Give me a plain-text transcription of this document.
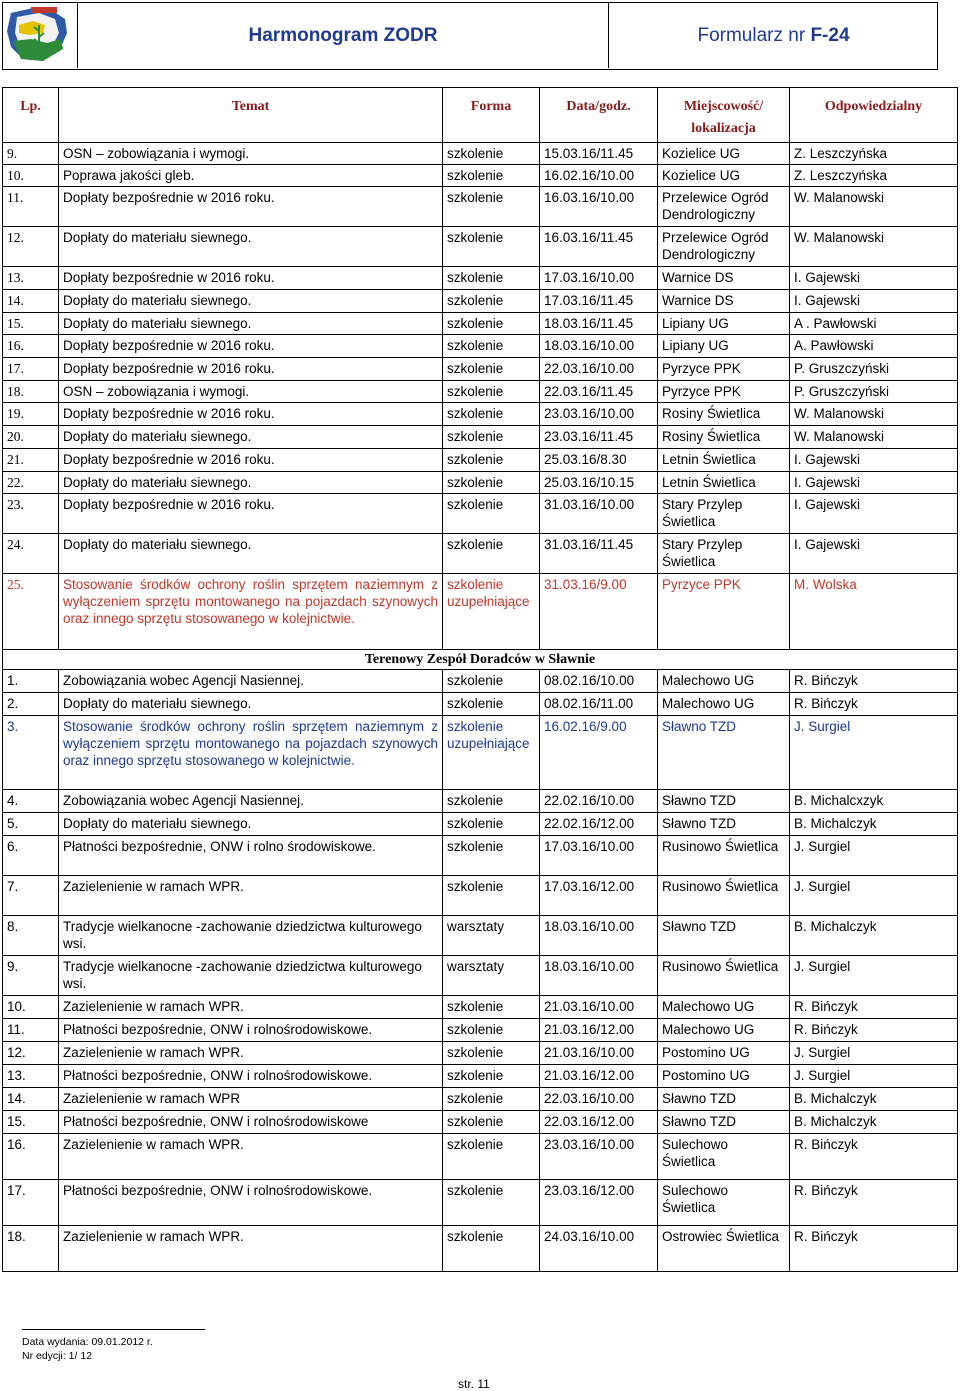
Harmonogram ZODR	Formularz nr F-24
Lp.	Temat	Forma	Data/godz.	Miejscowość/ lokalizacja	Odpowiedzialny
9.	OSN – zobowiązania i wymogi.	szkolenie	15.03.16/11.45	Kozielice UG	Z. Leszczyńska
10.	Poprawa jakości gleb.	szkolenie	16.02.16/10.00	Kozielice UG	Z. Leszczyńska
11.	Dopłaty bezpośrednie w 2016 roku.	szkolenie	16.03.16/10.00	Przelewice Ogród Dendrologiczny	W. Malanowski
12.	Dopłaty do materiału siewnego.	szkolenie	16.03.16/11.45	Przelewice Ogród Dendrologiczny	W. Malanowski
13.	Dopłaty bezpośrednie w 2016 roku.	szkolenie	17.03.16/10.00	Warnice DS	I. Gajewski
14.	Dopłaty do materiału siewnego.	szkolenie	17.03.16/11.45	Warnice DS	I. Gajewski
15.	Dopłaty do materiału siewnego.	szkolenie	18.03.16/11.45	Lipiany UG	A . Pawłowski
16.	Dopłaty bezpośrednie w 2016 roku.	szkolenie	18.03.16/10.00	Lipiany UG	A. Pawłowski
17.	Dopłaty bezpośrednie w 2016 roku.	szkolenie	22.03.16/10.00	Pyrzyce PPK	P. Gruszczyński
18.	OSN – zobowiązania i wymogi.	szkolenie	22.03.16/11.45	Pyrzyce PPK	P. Gruszczyński
19.	Dopłaty bezpośrednie w 2016 roku.	szkolenie	23.03.16/10.00	Rosiny Świetlica	W. Malanowski
20.	Dopłaty do materiału siewnego.	szkolenie	23.03.16/11.45	Rosiny Świetlica	W. Malanowski
21.	Dopłaty bezpośrednie w 2016 roku.	szkolenie	25.03.16/8.30	Letnin Świetlica	I. Gajewski
22.	Dopłaty do materiału siewnego.	szkolenie	25.03.16/10.15	Letnin Świetlica	I. Gajewski
23.	Dopłaty bezpośrednie w 2016 roku.	szkolenie	31.03.16/10.00	Stary Przylep Świetlica	I. Gajewski
24.	Dopłaty do materiału siewnego.	szkolenie	31.03.16/11.45	Stary Przylep Świetlica	I. Gajewski
25.	Stosowanie środków ochrony roślin sprzętem naziemnym z wyłączeniem sprzętu montowanego na pojazdach szynowych oraz innego sprzętu stosowanego w kolejnictwie.	szkolenie uzupełniające	31.03.16/9.00	Pyrzyce PPK	M. Wolska
Terenowy Zespół Doradców w Sławnie					
1.	Zobowiązania wobec Agencji Nasiennej.	szkolenie	08.02.16/10.00	Malechowo UG	R. Bińczyk
2.	Dopłaty do materiału siewnego.	szkolenie	08.02.16/11.00	Malechowo UG	R. Bińczyk
3.	Stosowanie środków ochrony roślin sprzętem naziemnym z wyłączeniem sprzętu montowanego na pojazdach szynowych oraz innego sprzętu stosowanego w kolejnictwie.	szkolenie uzupełniające	16.02.16/9.00	Sławno TZD	J. Surgiel
4.	Zobowiązania wobec Agencji Nasiennej.	szkolenie	22.02.16/10.00	Sławno TZD	B. Michalcxzyk
5.	Dopłaty do materiału siewnego.	szkolenie	22.02.16/12.00	Sławno TZD	B. Michalczyk
6.	Płatności bezpośrednie, ONW i rolno środowiskowe.	szkolenie	17.03.16/10.00	Rusinowo Świetlica	J. Surgiel
7.	Zazielenienie w ramach WPR.	szkolenie	17.03.16/12.00	Rusinowo Świetlica	J. Surgiel
8.	Tradycje wielkanocne -zachowanie dziedzictwa kulturowego wsi.	warsztaty	18.03.16/10.00	Sławno TZD	B. Michalczyk
9.	Tradycje wielkanocne -zachowanie dziedzictwa kulturowego wsi.	warsztaty	18.03.16/10.00	Rusinowo Świetlica	J. Surgiel
10.	Zazielenienie w ramach WPR.	szkolenie	21.03.16/10.00	Malechowo UG	R. Bińczyk
11.	Płatności bezpośrednie, ONW i rolnośrodowiskowe.	szkolenie	21.03.16/12.00	Malechowo UG	R. Bińczyk
12.	Zazielenienie w ramach WPR.	szkolenie	21.03.16/10.00	Postomino UG	J. Surgiel
13.	Płatności bezpośrednie, ONW i rolnośrodowiskowe.	szkolenie	21.03.16/12.00	Postomino UG	J. Surgiel
14.	Zazielenienie w ramach WPR	szkolenie	22.03.16/10.00	Sławno TZD	B. Michalczyk
15.	Płatności bezpośrednie, ONW i rolnośrodowiskowe	szkolenie	22.03.16/12.00	Sławno TZD	B. Michalczyk
16.	Zazielenienie w ramach WPR.	szkolenie	23.03.16/10.00	Sulechowo Świetlica	R. Bińczyk
17.	Płatności bezpośrednie, ONW i rolnośrodowiskowe.	szkolenie	23.03.16/12.00	Sulechowo Świetlica	R. Bińczyk
18.	Zazielenienie w ramach WPR.	szkolenie	24.03.16/10.00	Ostrowiec Świetlica	R. Bińczyk
Data wydania: 09.01.2012 r.
Nr edycji: 1/ 12
str. 11
